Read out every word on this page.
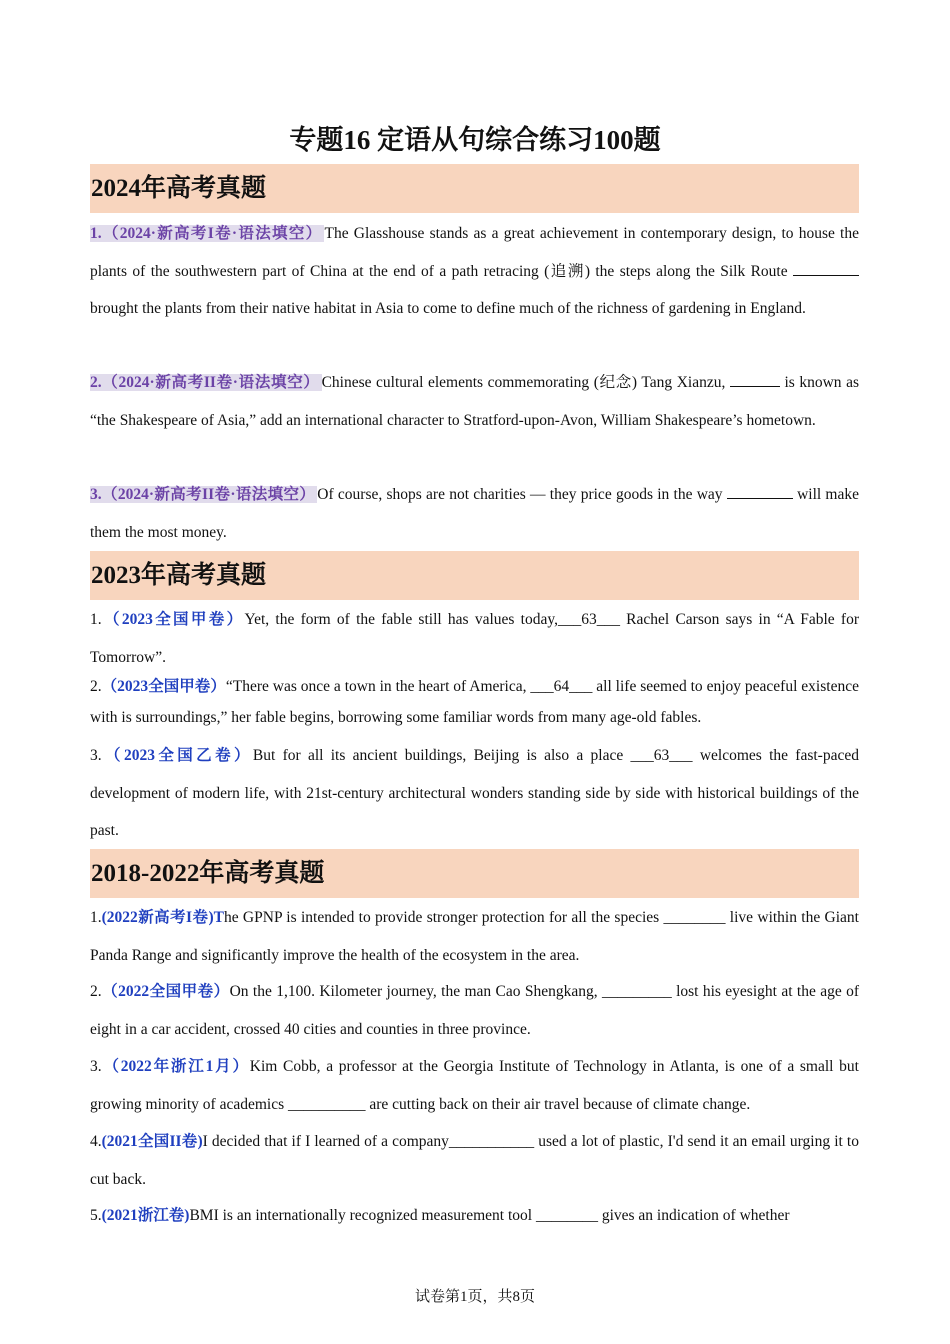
专题16 定语从句综合练习100题
2024年高考真题
1.（2024·新高考I卷·语法填空） The Glasshouse stands as a great achievement in contemporary design, to house the plants of the southwestern part of China at the end of a path retracing (追溯) the steps along the Silk Route  brought the plants from their native habitat in Asia to come to define much of the richness of gardening in England.
2.（2024·新高考II卷·语法填空） Chinese cultural elements commemorating (纪念) Tang Xianzu,	is known as “the Shakespeare of Asia,” add an international character to Stratford-upon-Avon, William Shakespeare’s hometown.
3.（2024·新高考II卷·语法填空） Of course, shops are not charities — they price goods in the way	will make them the most money.
2023年高考真题
1.（2023全国甲卷）Yet, the form of the fable still has values today,___63___ Rachel Carson says in “A Fable for Tomorrow”.
2.（2023全国甲卷）“There was once a town in the heart of America, ___64___ all life seemed to enjoy peaceful existence with is surroundings,” her fable begins, borrowing some familiar words from many age-old fables.
3.（2023全国乙卷）But for all its ancient buildings, Beijing is also a place ___63___ welcomes the fast-paced development of modern life, with 21st-century architectural wonders standing side by side with historical buildings of the past.
2018-2022年高考真题
1.(2022新高考I卷)The GPNP is intended to provide stronger protection for all the species ________ live within the Giant Panda Range and significantly improve the health of the ecosystem in the area.
2.（2022全国甲卷）On the 1,100. Kilometer journey, the man Cao Shengkang, _________ lost his eyesight at the age of eight in a car accident, crossed 40 cities and counties in three province.
3.（2022年浙江1月）Kim Cobb, a professor at the Georgia Institute of Technology in Atlanta, is one of a small but growing minority of academics __________ are cutting back on their air travel because of climate change.
4.(2021全国II卷)I decided that if I learned of a company___________ used a lot of plastic, I'd send it an email urging it to cut back.
5.(2021浙江卷)BMI is an internationally recognized measurement tool ________ gives an indication of whether
试卷第1页，共8页
